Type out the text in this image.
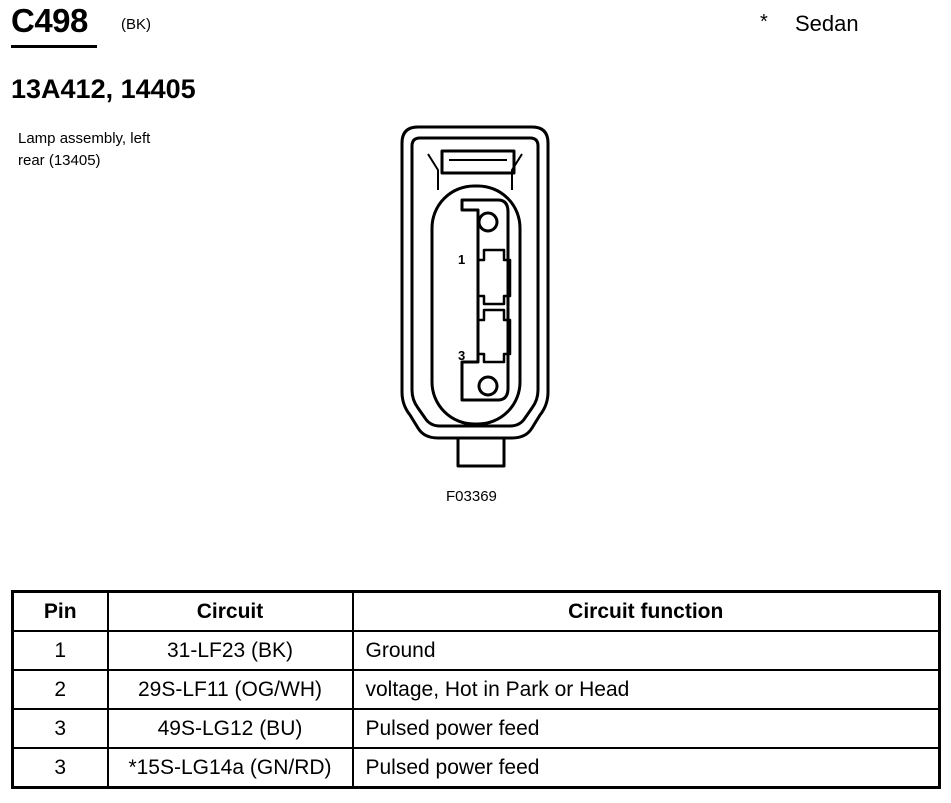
C498 (BK)	* Sedan
13A412, 14405
Lamp assembly, left
rear (13405)
1
3
F03369
Pin	Circuit	Circuit function
1	31-LF23 (BK)	Ground
2	29S-LF11 (OG/WH)	voltage, Hot in Park or Head
3	49S-LG12 (BU)	Pulsed power feed
3	*15S-LG14a (GN/RD)	Pulsed power feed
